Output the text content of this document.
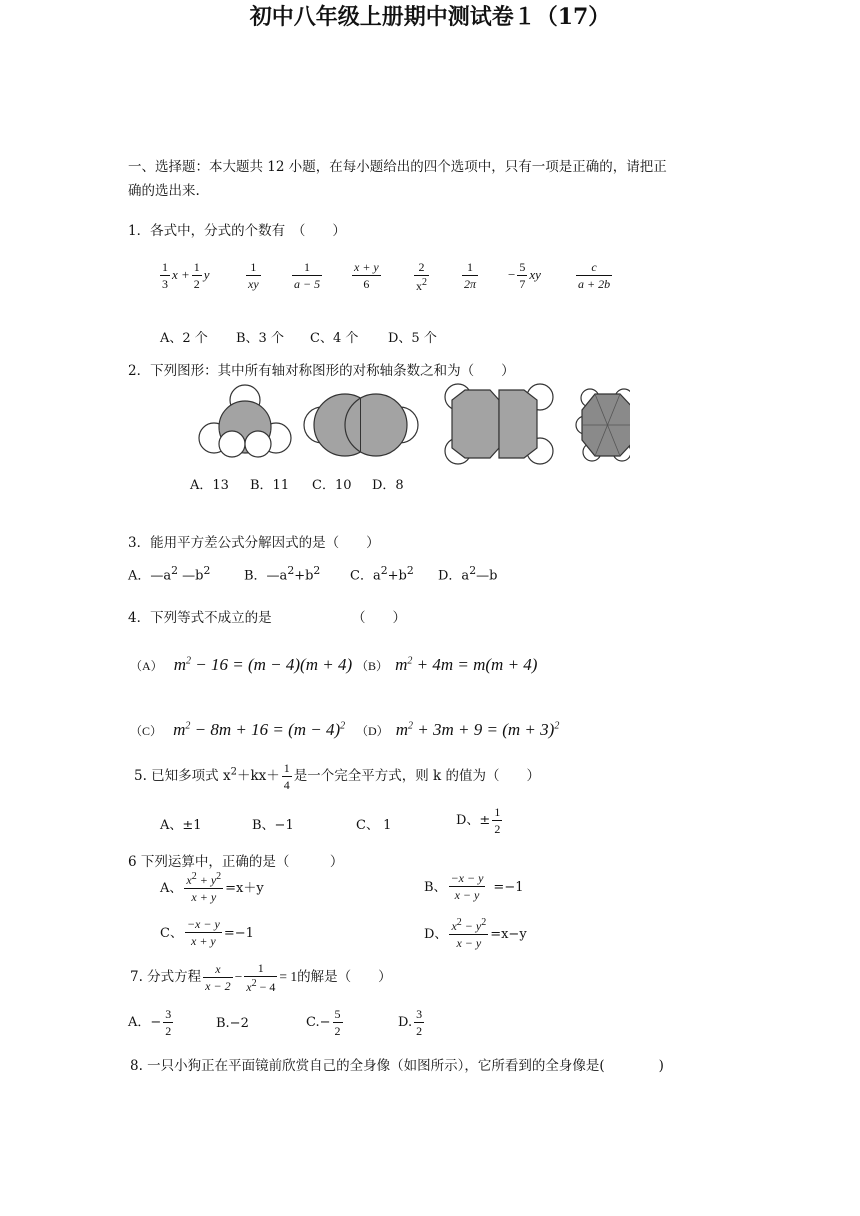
初中八年级上册期中测试卷１（17）
一、选择题：本大题共 12 小题，在每小题给出的四个选项中，只有一项是正确的，请把正
确的选出来.
1．各式中，分式的个数有　（　　）
$\frac{1}{3}$ $x + \frac{1}{2}$ y	$\frac{1}{xy}$	$\frac{1}{a - 5} \frac{x + y}{6}$	$\frac{2}{x^2}$	$\frac{1}{2\pi} - \frac{5}{7}$ xy	$\frac{c}{a + 2b}$
A、2 个 B、3 个 C、4 个 D、5 个
2．下列图形：其中所有轴对称图形的对称轴条数之和为（　　）
A．13 B．11 C．10 D．8
3．能用平方差公式分解因式的是（　　）
A．$—a^2$ $—b^2$	B．$—a^2+b^2$ C．$a^2+b^2$ D．$a^2—b$
4．下列等式不成立的是	（　　）
（A） $m^2 - 16 = (m - 4)(m + 4)$ （B） $m^2 + 4m = m(m + 4)$
（C） $m^2 - 8m + 16 = (m - 4)^2$ （D） $m^2 + 3m + 9 = (m + 3)^2$
5. 已知多项式 $x^2+kx+ \frac{1}{4}$ 是一个完全平方式，则 k 的值为（　　）
A、±1	B、−1	C、 1	D、± $\frac{1}{2}$
6 下列运算中，正确的是（　　　）
A、 $\frac{x^2 + y^2}{x + y} =x+y$	B、 $\frac{-x - y}{x - y} =-1$
C、 $\frac{-x - y}{x + y} =-1$	D、 $\frac{x^2 - y^2}{x - y} =x-y$
7. 分式方程 $\frac{x}{x - 2} - \frac{1}{x^2 - 4} = 1$的解是（　　）
A．− $\frac{3}{2}$	B.−2	$C.- \frac{5}{2}$	D. $\frac{3}{2}$
8. 一只小狗正在平面镜前欣赏自己的全身像（如图所示），它所看到的全身像是(　　　　)
